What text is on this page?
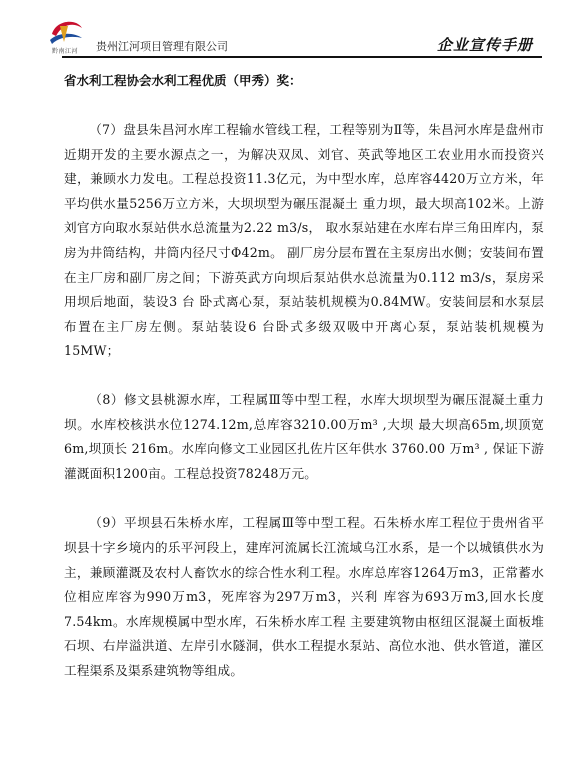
黔南江河 贵州江河项目管理有限公司	企业宣传手册

省水利工程协会水利工程优质（甲秀）奖：

（7）盘县朱昌河水库工程输水管线工程，工程等别为Ⅱ等，朱昌河水库是盘州市近期开发的主要水源点之一，为解决双凤、刘官、英武等地区工农业用水而投资兴建，兼顾水力发电。工程总投资11.3亿元，为中型水库，总库容4420万立方米，年平均供水量5256万立方米，大坝坝型为碾压混凝土 重力坝，最大坝高102米。上游刘官方向取水泵站供水总流量为2.22 m3/s， 取水泵站建在水库右岸三角田库内，泵房为井筒结构，井筒内径尺寸Φ42m。 副厂房分层布置在主泵房出水侧；安装间布置在主厂房和副厂房之间；下游英武方向坝后泵站供水总流量为0.112 m3/s，泵房采用坝后地面，装设3 台 卧式离心泵，泵站装机规模为0.84MW。安装间层和水泵层布置在主厂房左侧。泵站装设6 台卧式多级双吸中开离心泵，泵站装机规模为15MW；

（8）修文县桃源水库，工程属Ⅲ等中型工程，水库大坝坝型为碾压混凝土重力坝。水库校核洪水位1274.12m,总库容3210.00万m³ ,大坝 最大坝高65m,坝顶宽 6m,坝顶长 216m。水库向修文工业园区扎佐片区年供水 3760.00 万m³ , 保证下游灌溉面积1200亩。工程总投资78248万元。

（9）平坝县石朱桥水库，工程属Ⅲ等中型工程。石朱桥水库工程位于贵州省平坝县十字乡境内的乐平河段上，建库河流属长江流域乌江水系，是一个以城镇供水为主，兼顾灌溉及农村人畜饮水的综合性水利工程。水库总库容1264万m3，正常蓄水位相应库容为990万m3，死库容为297万m3，兴利 库容为693万m3,回水长度7.54km。水库规模属中型水库，石朱桥水库工程 主要建筑物由枢纽区混凝土面板堆石坝、右岸溢洪道、左岸引水隧洞，供水工程提水泵站、高位水池、供水管道，灌区工程渠系及渠系建筑物等组成。
